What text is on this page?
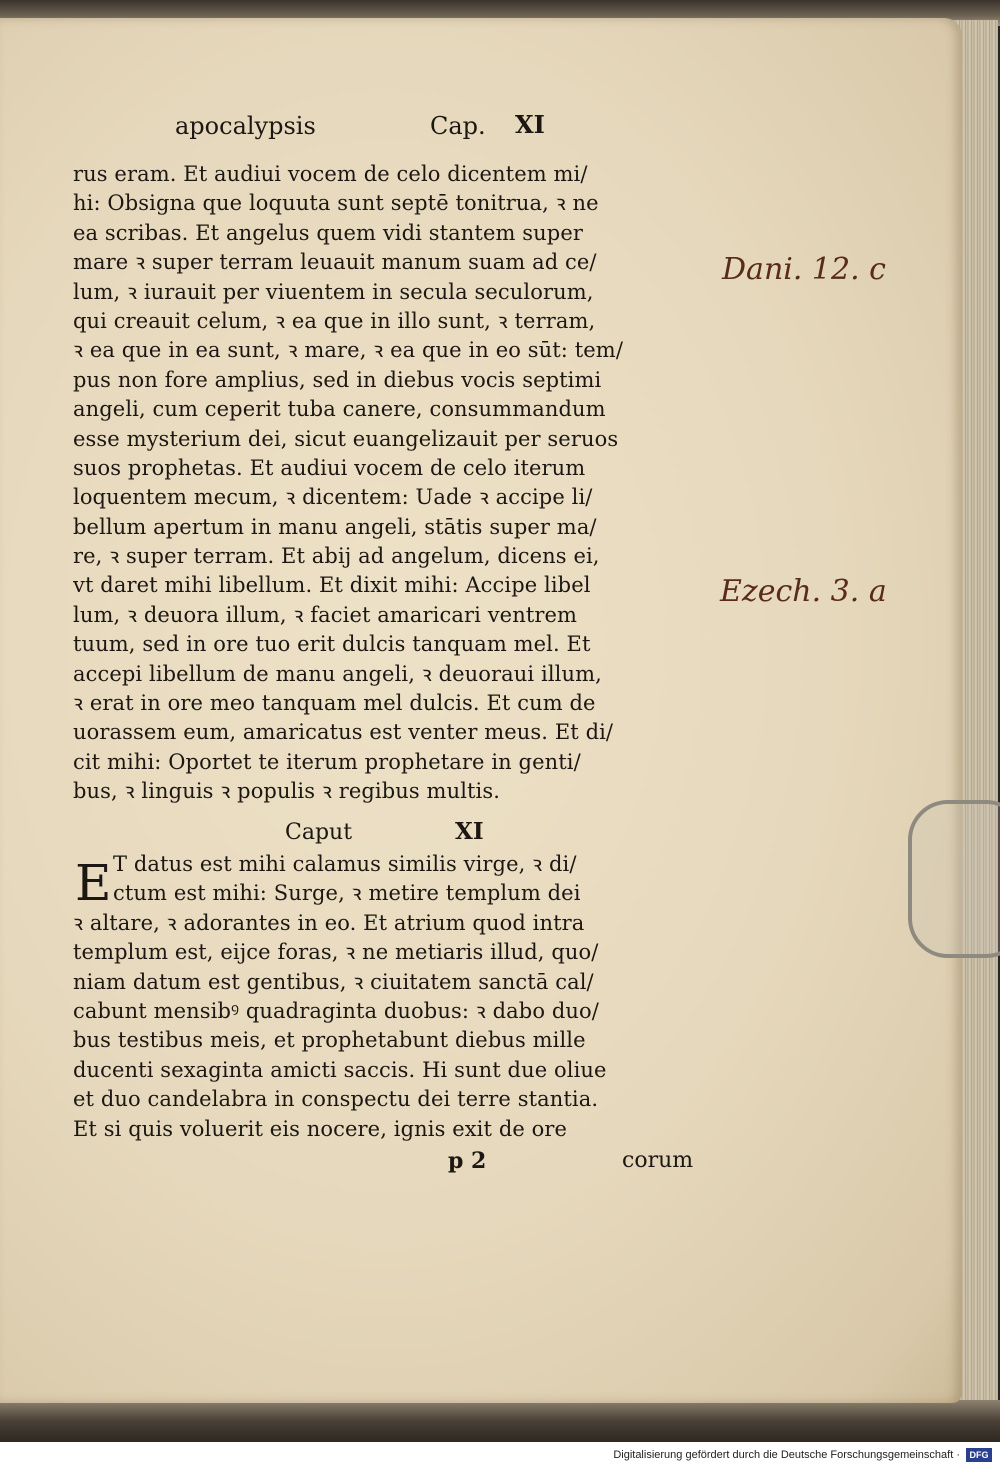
apocalypsis	Cap. XI
rus eram. Et audiui vocem de celo dicentem mi/
hi: Obsigna que loquuta sunt septē tonitrua, ꝛ ne
ea scribas. Et angelus quem vidi stantem super
mare ꝛ super terram leuauit manum suam ad ce/
lum, ꝛ iurauit per viuentem in secula seculorum,
qui creauit celum, ꝛ ea que in illo sunt, ꝛ terram,
ꝛ ea que in ea sunt, ꝛ mare, ꝛ ea que in eo sūt: tem/
pus non fore amplius, sed in diebus vocis septimi
angeli, cum ceperit tuba canere, consummandum
esse mysterium dei, sicut euangelizauit per seruos
suos prophetas. Et audiui vocem de celo iterum
loquentem mecum, ꝛ dicentem: Uade ꝛ accipe li/
bellum apertum in manu angeli, stātis super ma/
re, ꝛ super terram. Et abij ad angelum, dicens ei,
vt daret mihi libellum. Et dixit mihi: Accipe libel
lum, ꝛ deuora illum, ꝛ faciet amaricari ventrem
tuum, sed in ore tuo erit dulcis tanquam mel. Et
accepi libellum de manu angeli, ꝛ deuoraui illum,
ꝛ erat in ore meo tanquam mel dulcis. Et cum de
uorassem eum, amaricatus est venter meus. Et di/
cit mihi: Oportet te iterum prophetare in genti/
bus, ꝛ linguis ꝛ populis ꝛ regibus multis.
Caput	XI
E T datus est mihi calamus similis virge, ꝛ di/
ctum est mihi: Surge, ꝛ metire templum dei
ꝛ altare, ꝛ adorantes in eo. Et atrium quod intra
templum est, eijce foras, ꝛ ne metiaris illud, quo/
niam datum est gentibus, ꝛ ciuitatem sanctā cal/
cabunt mensibꝰ quadraginta duobus: ꝛ dabo duo/
bus testibus meis, et prophetabunt diebus mille
ducenti sexaginta amicti saccis. Hi sunt due oliue
et duo candelabra in conspectu dei terre stantia.
Et si quis voluerit eis nocere, ignis exit de ore
p 2	corum
Dani. 12. c
Ezech. 3. a
Digitalisierung gefördert durch die Deutsche Forschungsgemeinschaft ·	DFG
